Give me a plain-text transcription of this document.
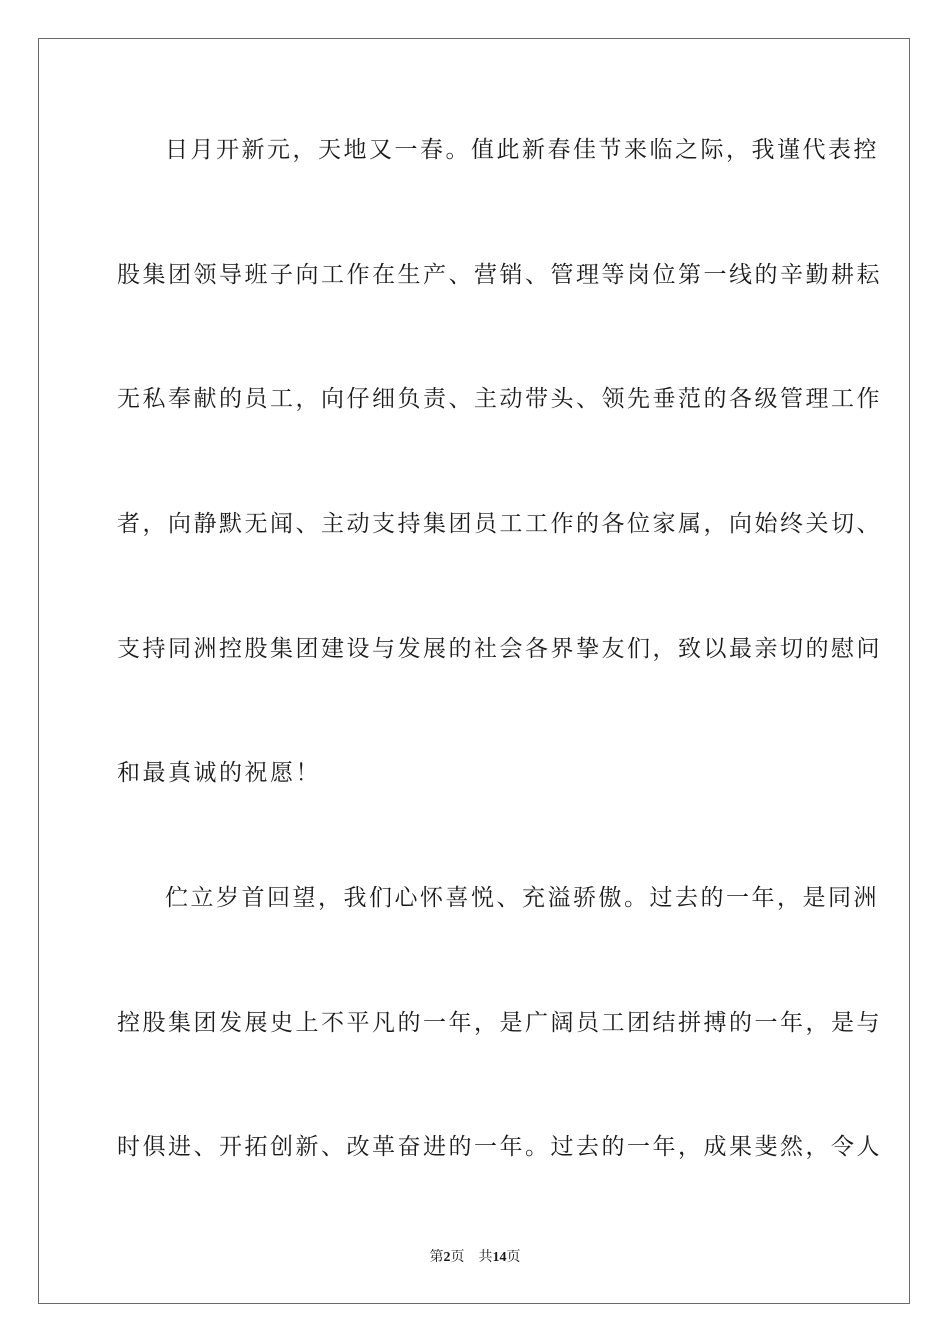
日月开新元，天地又一春。值此新春佳节来临之际，我谨代表控
股集团领导班子向工作在生产、营销、管理等岗位第一线的辛勤耕耘
无私奉献的员工，向仔细负责、主动带头、领先垂范的各级管理工作
者，向静默无闻、主动支持集团员工工作的各位家属，向始终关切、
支持同洲控股集团建设与发展的社会各界挚友们，致以最亲切的慰问
和最真诚的祝愿！
伫立岁首回望，我们心怀喜悦、充溢骄傲。过去的一年，是同洲
控股集团发展史上不平凡的一年，是广阔员工团结拼搏的一年，是与
时俱进、开拓创新、改革奋进的一年。过去的一年，成果斐然，令人
第2页 共14页
